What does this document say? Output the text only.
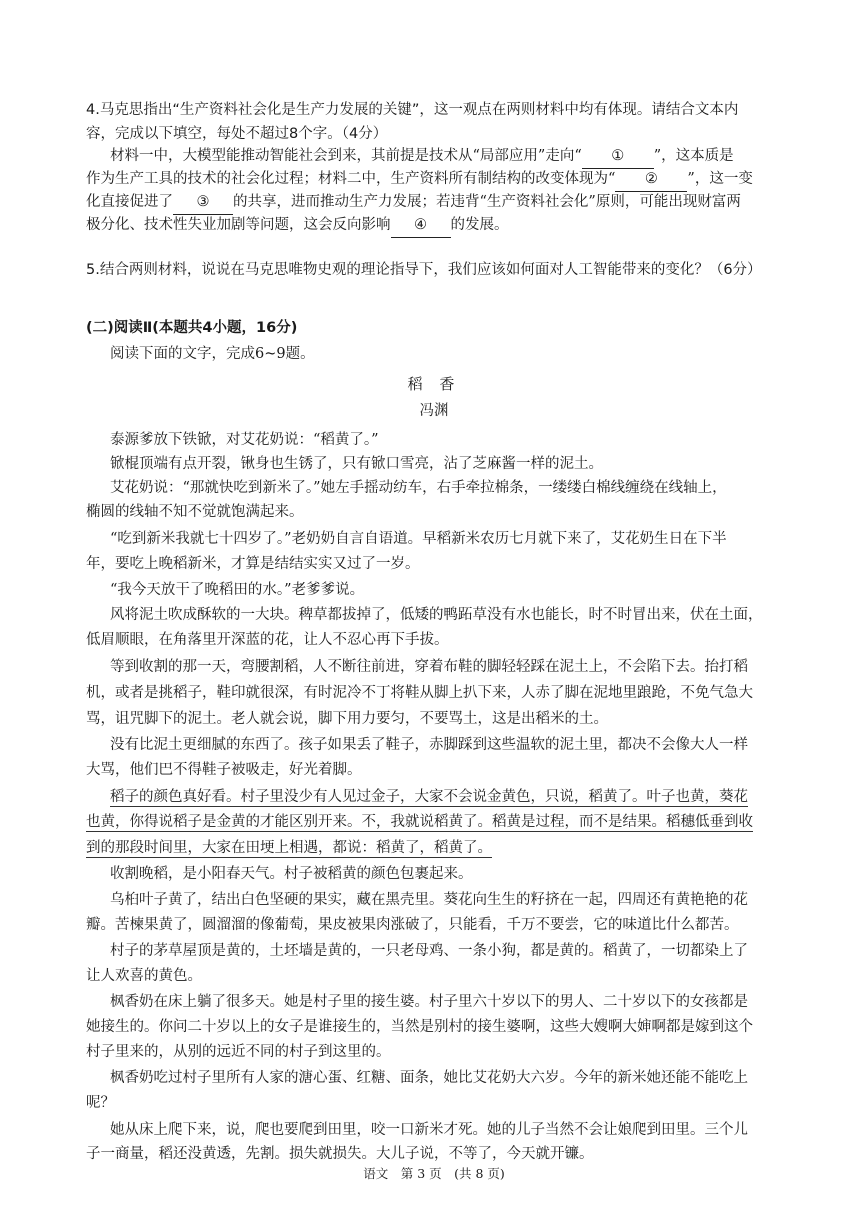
4.马克思指出“生产资料社会化是生产力发展的关键”，这一观点在两则材料中均有体现。请结合文本内
容，完成以下填空，每处不超过8个字。（4分）
材料一中，大模型能推动智能社会到来，其前提是技术从“局部应用”走向“ ① ”，这本质是
作为生产工具的技术的社会化过程；材料二中，生产资料所有制结构的改变体现为“ ② ”，这一变
化直接促进了 ③ 的共享，进而推动生产力发展；若违背“生产资料社会化”原则，可能出现财富两
极分化、技术性失业加剧等问题，这会反向影响 ④ 的发展。
5.结合两则材料，说说在马克思唯物史观的理论指导下，我们应该如何面对人工智能带来的变化？（6分）
(二)阅读Ⅱ(本题共4小题，16分)
阅读下面的文字，完成6~9题。
稻 香
冯渊
泰源爹放下铁锨，对艾花奶说：“稻黄了。”
锨棍顶端有点开裂，锹身也生锈了，只有锨口雪亮，沾了芝麻酱一样的泥土。
艾花奶说：“那就快吃到新米了。”她左手摇动纺车，右手牵拉棉条，一缕缕白棉线缠绕在线轴上，
椭圆的线轴不知不觉就饱满起来。
“吃到新米我就七十四岁了。”老奶奶自言自语道。早稻新米农历七月就下来了，艾花奶生日在下半
年，要吃上晚稻新米，才算是结结实实又过了一岁。
“我今天放干了晚稻田的水。”老爹爹说。
风将泥土吹成酥软的一大块。稗草都拔掉了，低矮的鸭跖草没有水也能长，时不时冒出来，伏在土面，
低眉顺眼，在角落里开深蓝的花，让人不忍心再下手拔。
等到收割的那一天，弯腰割稻，人不断往前进，穿着布鞋的脚轻轻踩在泥土上，不会陷下去。抬打稻
机，或者是挑稻子，鞋印就很深，有时泥冷不丁将鞋从脚上扒下来，人赤了脚在泥地里踉跄，不免气急大
骂，诅咒脚下的泥土。老人就会说，脚下用力要匀，不要骂土，这是出稻米的土。
没有比泥土更细腻的东西了。孩子如果丢了鞋子，赤脚踩到这些温软的泥土里，都决不会像大人一样
大骂，他们巴不得鞋子被吸走，好光着脚。
稻子的颜色真好看。村子里没少有人见过金子，大家不会说金黄色，只说，稻黄了。叶子也黄，葵花
也黄，你得说稻子是金黄的才能区别开来。不，我就说稻黄了。稻黄是过程，而不是结果。稻穗低垂到收
到的那段时间里，大家在田埂上相遇，都说：稻黄了，稻黄了。
收割晚稻，是小阳春天气。村子被稻黄的颜色包裹起来。
乌桕叶子黄了，结出白色坚硬的果实，藏在黑壳里。葵花向生生的籽挤在一起，四周还有黄艳艳的花
瓣。苦楝果黄了，圆溜溜的像葡萄，果皮被果肉涨破了，只能看，千万不要尝，它的味道比什么都苦。
村子的茅草屋顶是黄的，土坯墙是黄的，一只老母鸡、一条小狗，都是黄的。稻黄了，一切都染上了
让人欢喜的黄色。
枫香奶在床上躺了很多天。她是村子里的接生婆。村子里六十岁以下的男人、二十岁以下的女孩都是
她接生的。你问二十岁以上的女子是谁接生的，当然是别村的接生婆啊，这些大嫂啊大婶啊都是嫁到这个
村子里来的，从别的远近不同的村子到这里的。
枫香奶吃过村子里所有人家的溏心蛋、红糖、面条，她比艾花奶大六岁。今年的新米她还能不能吃上
呢？
她从床上爬下来，说，爬也要爬到田里，咬一口新米才死。她的儿子当然不会让娘爬到田里。三个儿
子一商量，稻还没黄透，先割。损失就损失。大儿子说，不等了，今天就开镰。
语文　第 3 页　(共 8 页)
